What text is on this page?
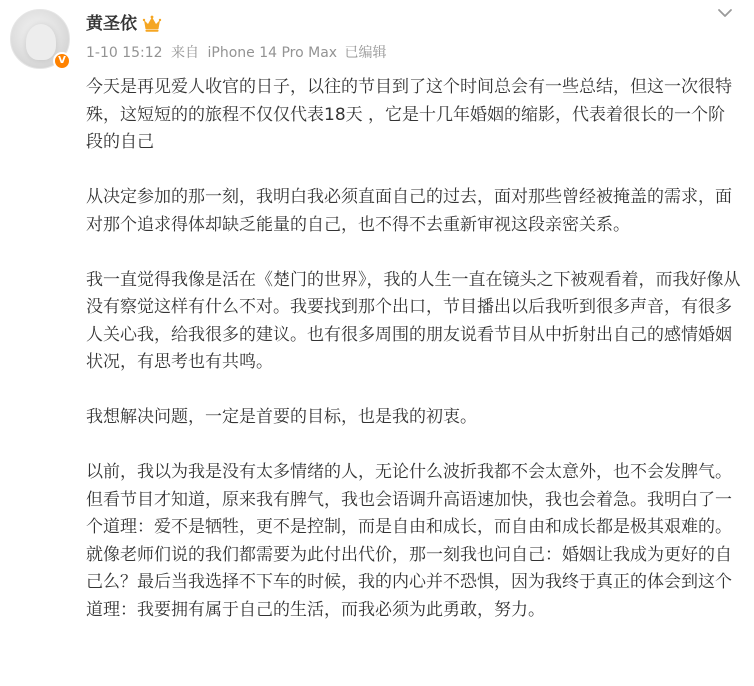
V
黄圣依
1-10 15:12 来自 iPhone 14 Pro Max 已编辑

今天是再见爱人收官的日子，以往的节目到了这个时间总会有一些总结，但这一次很特殊，这短短的的旅程不仅仅代表18天 ，它是十几年婚姻的缩影，代表着很长的一个阶段的自己

从决定参加的那一刻，我明白我必须直面自己的过去，面对那些曾经被掩盖的需求，面对那个追求得体却缺乏能量的自己，也不得不去重新审视这段亲密关系。

我一直觉得我像是活在《楚门的世界》，我的人生一直在镜头之下被观看着，而我好像从没有察觉这样有什么不对。我要找到那个出口，节目播出以后我听到很多声音，有很多人关心我，给我很多的建议。也有很多周围的朋友说看节目从中折射出自己的感情婚姻状况，有思考也有共鸣。

我想解决问题，一定是首要的目标，也是我的初衷。

以前，我以为我是没有太多情绪的人，无论什么波折我都不会太意外，也不会发脾气。但看节目才知道，原来我有脾气，我也会语调升高语速加快，我也会着急。我明白了一个道理：爱不是牺牲，更不是控制，而是自由和成长，而自由和成长都是极其艰难的。就像老师们说的我们都需要为此付出代价，那一刻我也问自己：婚姻让我成为更好的自己么？最后当我选择不下车的时候，我的内心并不恐惧，因为我终于真正的体会到这个道理：我要拥有属于自己的生活，而我必须为此勇敢，努力。
